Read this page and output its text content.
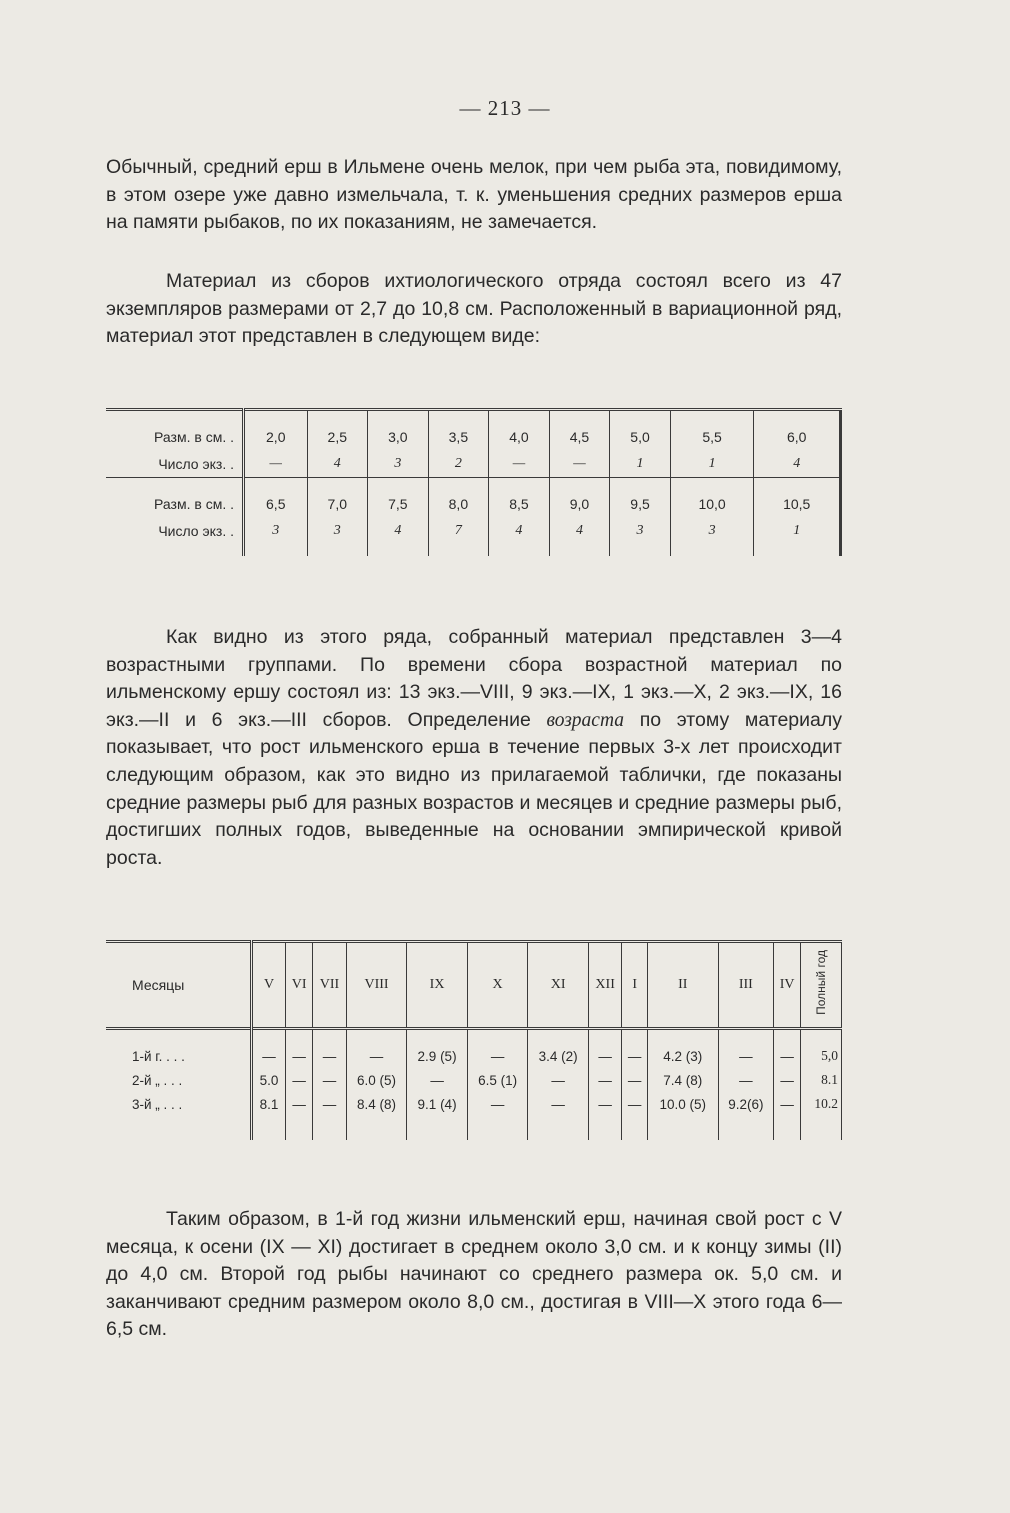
— 213 —

Обычный, средний ерш в Ильмене очень мелок, при чем рыба эта, повидимому, в этом озере уже давно измельчала, т. к. уменьшения средних размеров ерша на памяти рыбаков, по их показаниям, не замечается.

Материал из сборов ихтиологического отряда состоял всего из 47 экземпляров размерами от 2,7 до 10,8 см. Расположенный в вариационной ряд, материал этот представлен в следующем виде:

Разм. в см. .	2,0	2,5	3,0	3,5	4,0	4,5	5,0	5,5	6,0
Число экз. .	—	4	3	2	—	—	1	1	4

Разм. в см. .	6,5	7,0	7,5	8,0	8,5	9,0	9,5	10,0	10,5
Число экз. .	3	3	4	7	4	4	3	3	1

Как видно из этого ряда, собранный материал представлен 3—4 возрастными группами. По времени сбора возрастной материал по ильменскому ершу состоял из: 13 экз.—VIII, 9 экз.—IX, 1 экз.—X, 2 экз.—IX, 16 экз.—II и 6 экз.—III сборов. Определение возраста по этому материалу показывает, что рост ильменского ерша в течение первых 3-х лет происходит следующим образом, как это видно из прилагаемой таблички, где показаны средние размеры рыб для разных возрастов и месяцев и средние размеры рыб, достигших полных годов, выведенные на основании эмпирической кривой роста.

Месяцы	V	VI	VII	VIII	IX	X	XI	XII	I	II	III	IV	Полный год

1-й г. . . .	—	—	—	—	2.9 (5)	—	3.4 (2)	—	—	4.2 (3)	—	—	5,0
2-й „ . . .	5.0	—	—	6.0 (5)	—	6.5 (1)	—	—	—	7.4 (8)	—	—	8.1
3-й „ . . .	8.1	—	—	8.4 (8)	9.1 (4)	—	—	—	—	10.0 (5)	9.2(6)	—	10.2

Таким образом, в 1-й год жизни ильменский ерш, начиная свой рост с V месяца, к осени (IX — XI) достигает в среднем около 3,0 см. и к концу зимы (II) до 4,0 см. Второй год рыбы начинают со среднего размера ок. 5,0 см. и заканчивают средним размером около 8,0 см., достигая в VIII—X этого года 6—6,5 см.
